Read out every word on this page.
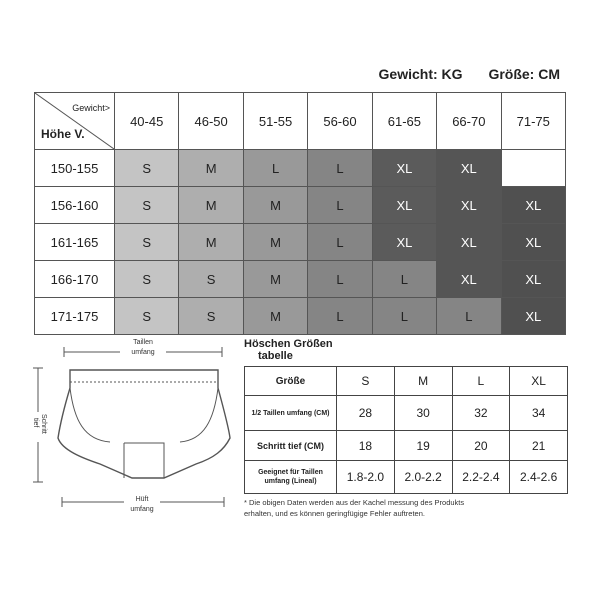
Gewicht: KG Größe: CM
Gewicht>
Höhe V.	40-45	46-50	51-55	56-60	61-65	66-70	71-75
150-155	S	M	L	L	XL	XL	
156-160	S	M	M	L	XL	XL	XL
161-165	S	M	M	L	XL	XL	XL
166-170	S	S	M	L	L	XL	XL
171-175	S	S	M	L	L	L	XL
Taillen
umfang
Schritt
tief
Hüft
umfang
Höschen Größen
tabelle
Größe	S	M	L	XL
1/2 Taillen umfang (CM)	28	30	32	34
Schritt tief (CM)	18	19	20	21
Geeignet für Taillen umfang (Lineal)	1.8-2.0	2.0-2.2	2.2-2.4	2.4-2.6
* Die obigen Daten werden aus der Kachel messung des Produkts
erhalten, und es können geringfügige Fehler auftreten.
